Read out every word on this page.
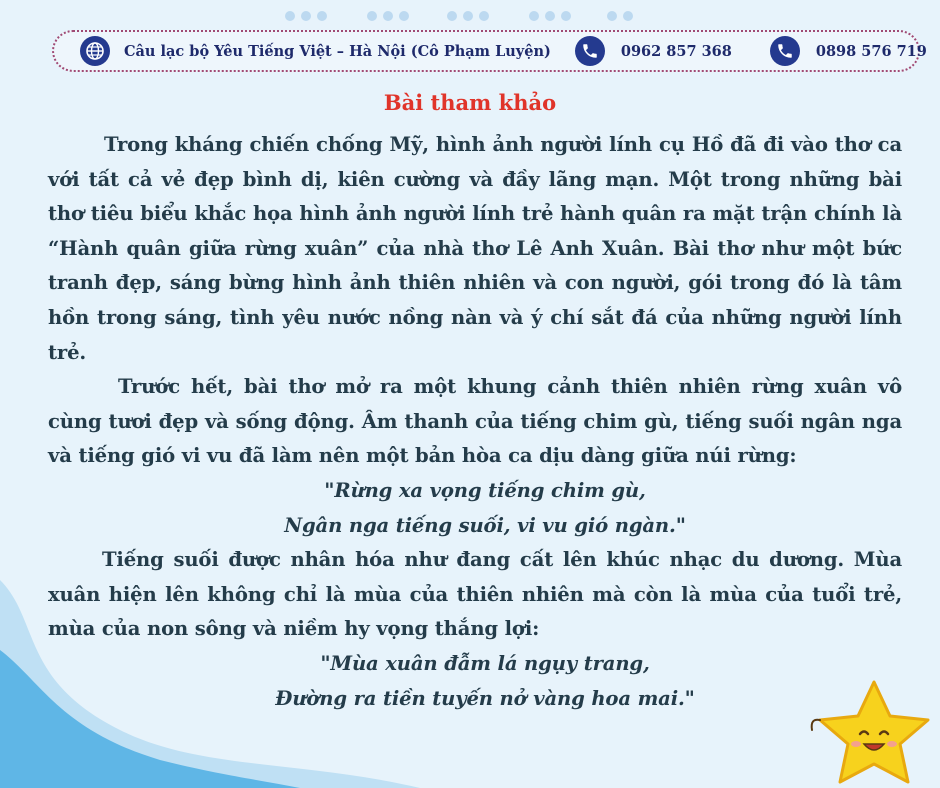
Câu lạc bộ Yêu Tiếng Việt – Hà Nội (Cô Phạm Luyện)	0962 857 368	0898 576 719
Bài tham khảo

Trong kháng chiến chống Mỹ, hình ảnh người lính cụ Hồ đã đi vào thơ ca với tất cả vẻ đẹp bình dị, kiên cường và đầy lãng mạn. Một trong những bài thơ tiêu biểu khắc họa hình ảnh người lính trẻ hành quân ra mặt trận chính là “Hành quân giữa rừng xuân” của nhà thơ Lê Anh Xuân. Bài thơ như một bức tranh đẹp, sáng bừng hình ảnh thiên nhiên và con người, gói trong đó là tâm hồn trong sáng, tình yêu nước nồng nàn và ý chí sắt đá của những người lính trẻ.

Trước hết, bài thơ mở ra một khung cảnh thiên nhiên rừng xuân vô cùng tươi đẹp và sống động. Âm thanh của tiếng chim gù, tiếng suối ngân nga và tiếng gió vi vu đã làm nên một bản hòa ca dịu dàng giữa núi rừng:

"Rừng xa vọng tiếng chim gù,

Ngân nga tiếng suối, vi vu gió ngàn."

Tiếng suối được nhân hóa như đang cất lên khúc nhạc du dương. Mùa xuân hiện lên không chỉ là mùa của thiên nhiên mà còn là mùa của tuổi trẻ, mùa của non sông và niềm hy vọng thắng lợi:

"Mùa xuân đẫm lá ngụy trang,

Đường ra tiền tuyến nở vàng hoa mai."
